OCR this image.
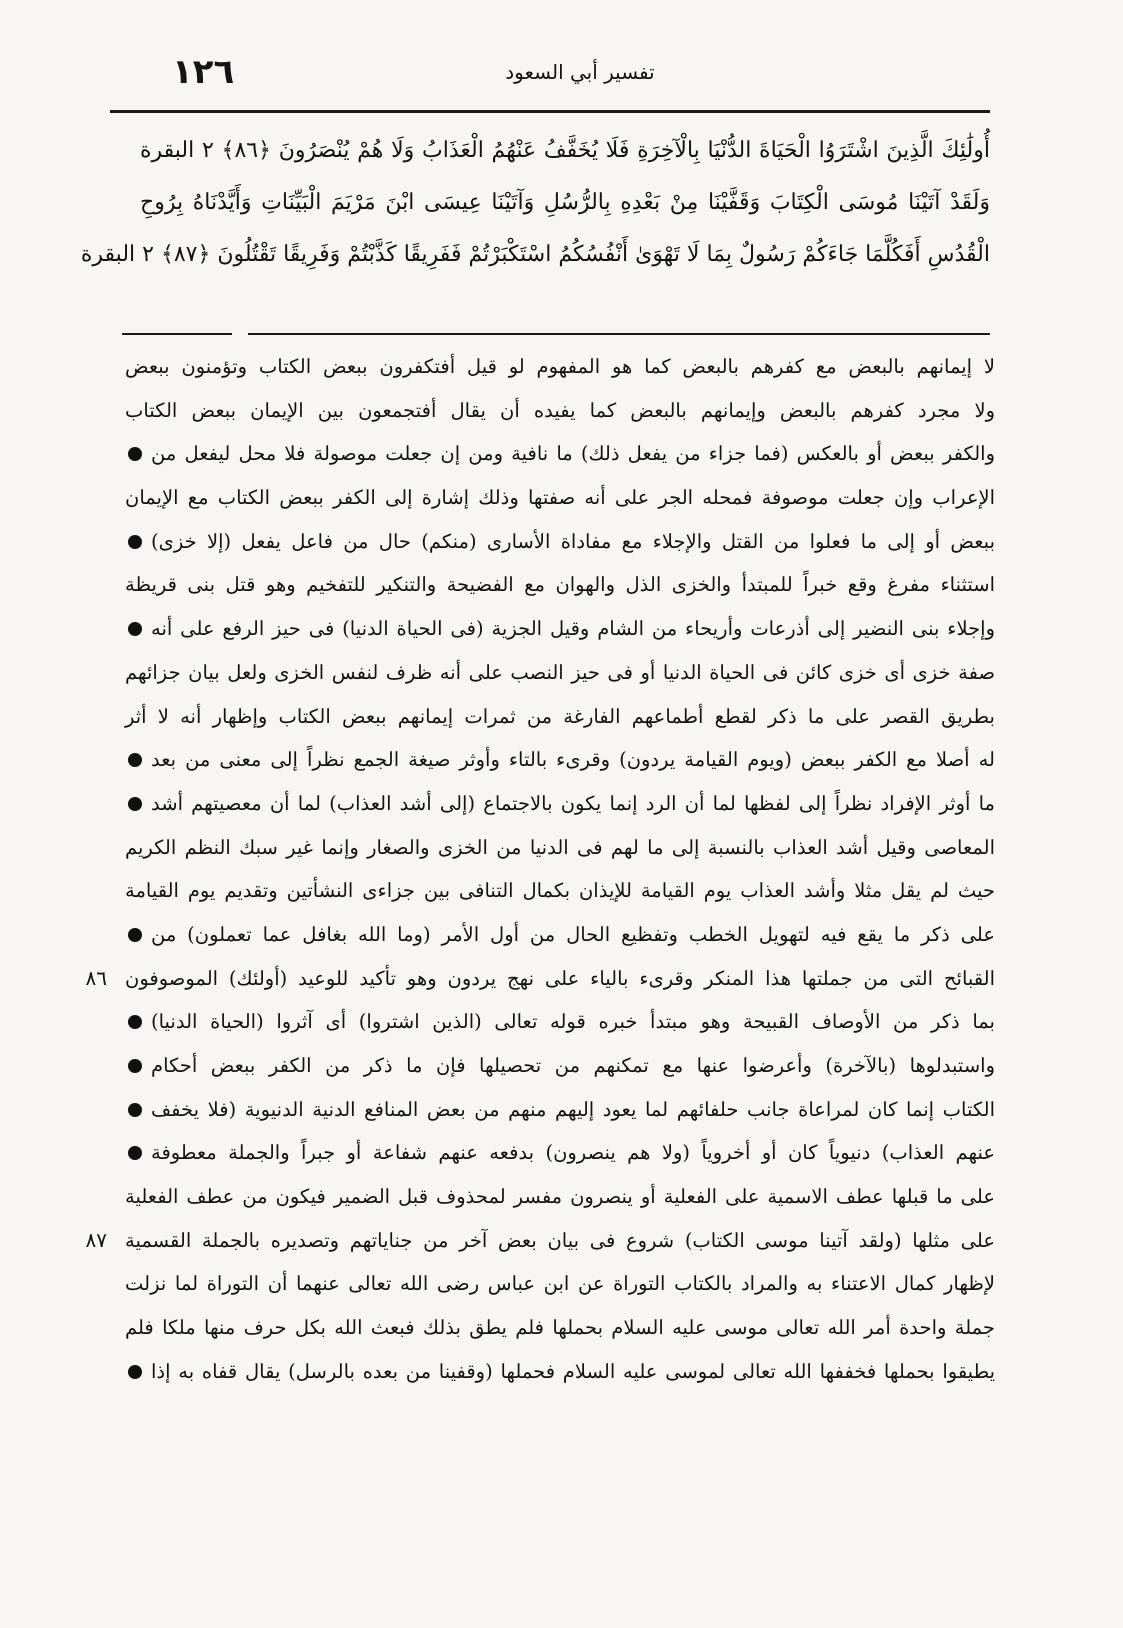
١٢٦	تفسير أبي السعود
أُولَٰئِكَ الَّذِينَ اشْتَرَوُا الْحَيَاةَ الدُّنْيَا بِالْآخِرَةِ فَلَا يُخَفَّفُ عَنْهُمُ الْعَذَابُ وَلَا هُمْ يُنْصَرُونَ ﴿٨٦﴾ ٢ البقرة
وَلَقَدْ آتَيْنَا مُوسَى الْكِتَابَ وَقَفَّيْنَا مِنْ بَعْدِهِ بِالرُّسُلِ وَآتَيْنَا عِيسَى ابْنَ مَرْيَمَ الْبَيِّنَاتِ وَأَيَّدْنَاهُ بِرُوحِ
الْقُدُسِ أَفَكُلَّمَا جَاءَكُمْ رَسُولٌ بِمَا لَا تَهْوَىٰ أَنْفُسُكُمُ اسْتَكْبَرْتُمْ فَفَرِيقًا كَذَّبْتُمْ وَفَرِيقًا تَقْتُلُونَ ﴿٨٧﴾ ٢ البقرة
لا إيمانهم بالبعض مع كفرهم بالبعض كما هو المفهوم لو قيل أفتكفرون ببعض الكتاب وتؤمنون ببعض
ولا مجرد كفرهم بالبعض وإيمانهم بالبعض كما يفيده أن يقال أفتجمعون بين الإيمان ببعض الكتاب
والكفر ببعض أو بالعكس (فما جزاء من يفعل ذلك) ما نافية ومن إن جعلت موصولة فلا محل ليفعل من
الإعراب وإن جعلت موصوفة فمحله الجر على أنه صفتها وذلك إشارة إلى الكفر ببعض الكتاب مع الإيمان
ببعض أو إلى ما فعلوا من القتل والإجلاء مع مفاداة الأسارى (منكم) حال من فاعل يفعل (إلا خزى)
استثناء مفرغ وقع خبراً للمبتدأ والخزى الذل والهوان مع الفضيحة والتنكير للتفخيم وهو قتل بنى قريظة
وإجلاء بنى النضير إلى أذرعات وأريحاء من الشام وقيل الجزية (فى الحياة الدنيا) فى حيز الرفع على أنه
صفة خزى أى خزى كائن فى الحياة الدنيا أو فى حيز النصب على أنه ظرف لنفس الخزى ولعل بيان جزائهم
بطريق القصر على ما ذكر لقطع أطماعهم الفارغة من ثمرات إيمانهم ببعض الكتاب وإظهار أنه لا أثر
له أصلا مع الكفر ببعض (ويوم القيامة يردون) وقرىء بالتاء وأوثر صيغة الجمع نظراً إلى معنى من بعد
ما أوثر الإفراد نظراً إلى لفظها لما أن الرد إنما يكون بالاجتماع (إلى أشد العذاب) لما أن معصيتهم أشد
المعاصى وقيل أشد العذاب بالنسبة إلى ما لهم فى الدنيا من الخزى والصغار وإنما غير سبك النظم الكريم
حيث لم يقل مثلا وأشد العذاب يوم القيامة للإيذان بكمال التنافى بين جزاءى النشأتين وتقديم يوم القيامة
على ذكر ما يقع فيه لتهويل الخطب وتفظيع الحال من أول الأمر (وما الله بغافل عما تعملون) من
القبائح التى من جملتها هذا المنكر وقرىء بالياء على نهج يردون وهو تأكيد للوعيد (أولئك) الموصوفون
٨٦
بما ذكر من الأوصاف القبيحة وهو مبتدأ خبره قوله تعالى (الذين اشتروا) أى آثروا (الحياة الدنيا)
واستبدلوها (بالآخرة) وأعرضوا عنها مع تمكنهم من تحصيلها فإن ما ذكر من الكفر ببعض أحكام
الكتاب إنما كان لمراعاة جانب حلفائهم لما يعود إليهم منهم من بعض المنافع الدنية الدنيوية (فلا يخفف
عنهم العذاب) دنيوياً كان أو أخروياً (ولا هم ينصرون) بدفعه عنهم شفاعة أو جبراً والجملة معطوفة
على ما قبلها عطف الاسمية على الفعلية أو ينصرون مفسر لمحذوف قبل الضمير فيكون من عطف الفعلية
على مثلها (ولقد آتينا موسى الكتاب) شروع فى بيان بعض آخر من جناياتهم وتصديره بالجملة القسمية
٨٧
لإظهار كمال الاعتناء به والمراد بالكتاب التوراة عن ابن عباس رضى الله تعالى عنهما أن التوراة لما نزلت
جملة واحدة أمر الله تعالى موسى عليه السلام بحملها فلم يطق بذلك فبعث الله بكل حرف منها ملكا فلم
يطيقوا بحملها فخففها الله تعالى لموسى عليه السلام فحملها (وقفينا من بعده بالرسل) يقال قفاه به إذا
